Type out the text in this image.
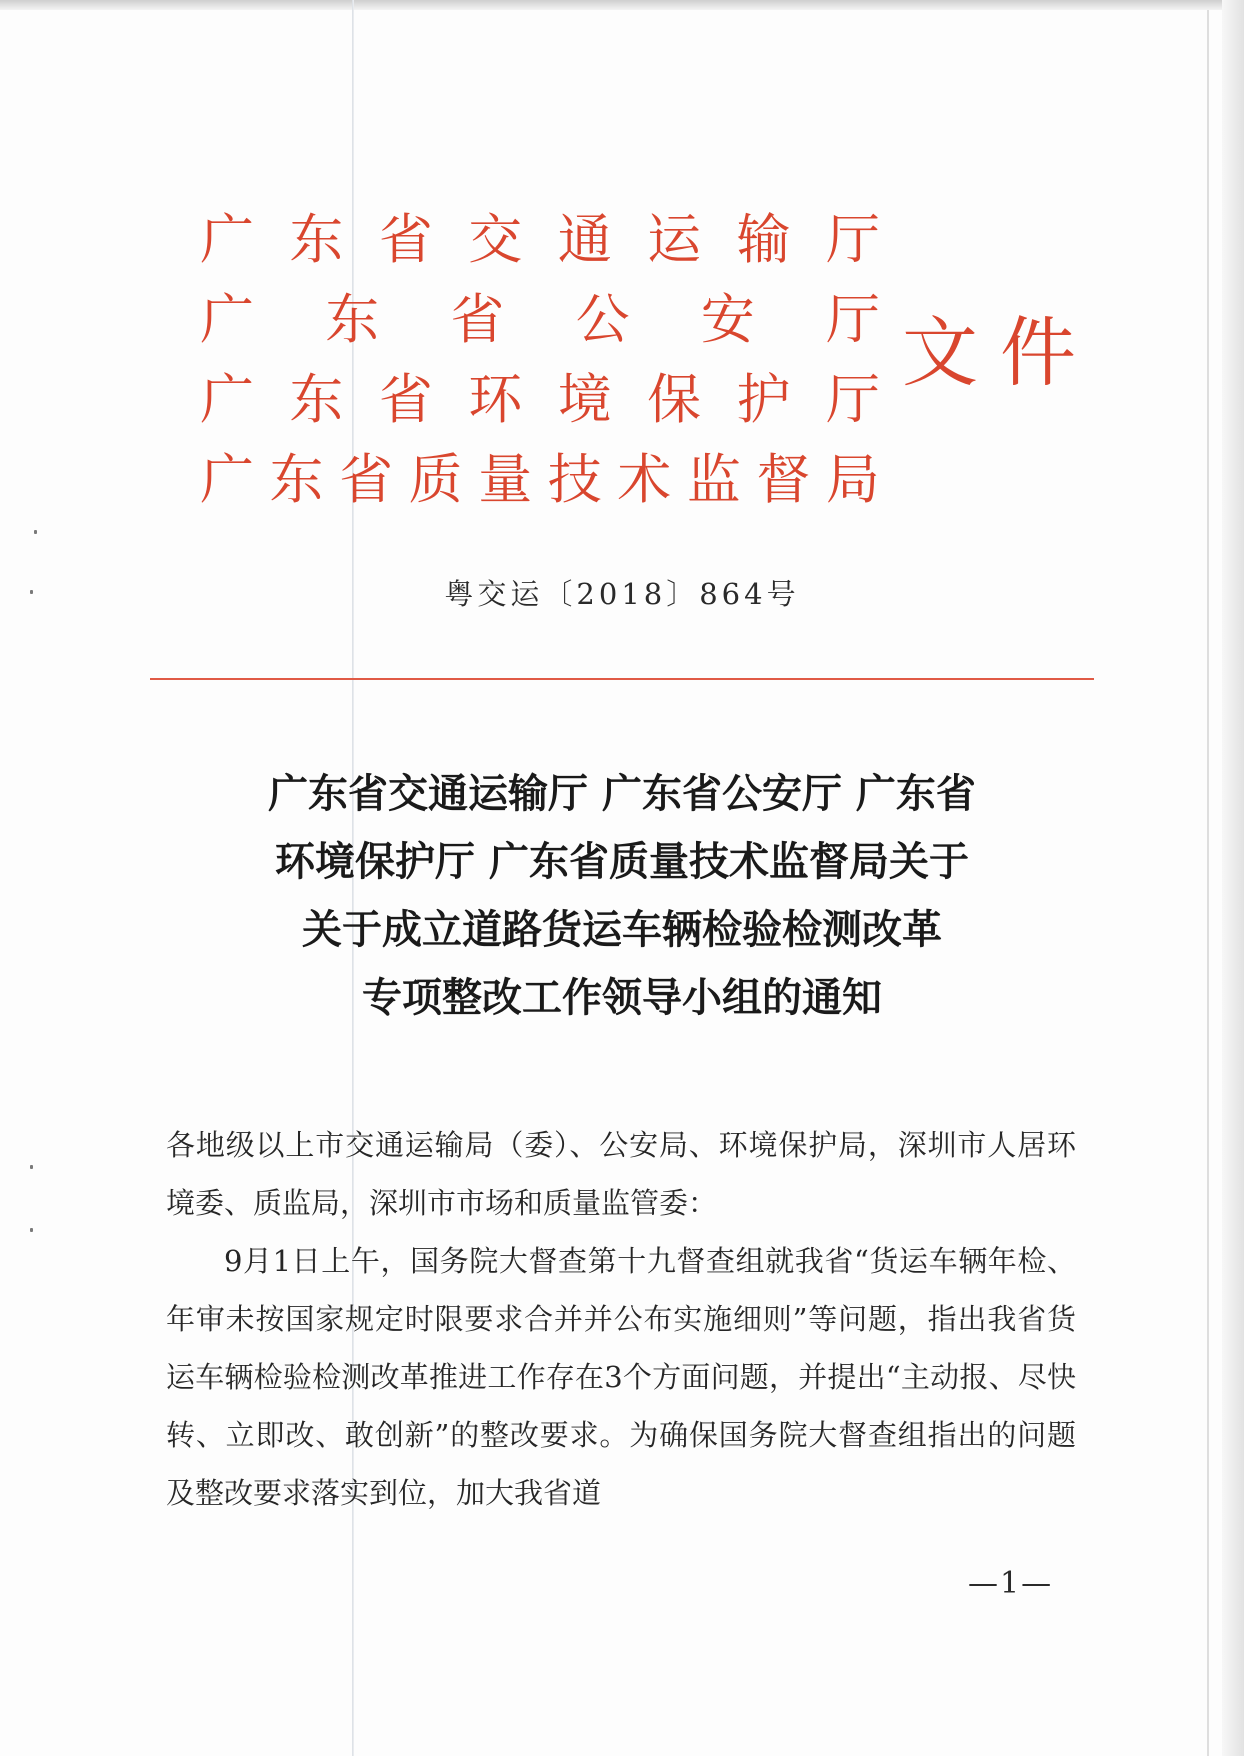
广 东 省 交 通 运 输 厅
广 东 省 公 安 厅
广 东 省 环 境 保 护 厅
广 东 省 质 量 技 术 监 督 局
文件
粤交运〔2018〕864号
广东省交通运输厅 广东省公安厅 广东省
环境保护厅 广东省质量技术监督局关于
关于成立道路货运车辆检验检测改革
专项整改工作领导小组的通知

各地级以上市交通运输局（委）、公安局、环境保护局，深圳市人居环境委、质监局，深圳市市场和质量监管委：

9月1日上午，国务院大督查第十九督查组就我省“货运车辆年检、年审未按国家规定时限要求合并并公布实施细则”等问题，指出我省货运车辆检验检测改革推进工作存在3个方面问题，并提出“主动报、尽快转、立即改、敢创新”的整改要求。为确保国务院大督查组指出的问题及整改要求落实到位，加大我省道

—1—
